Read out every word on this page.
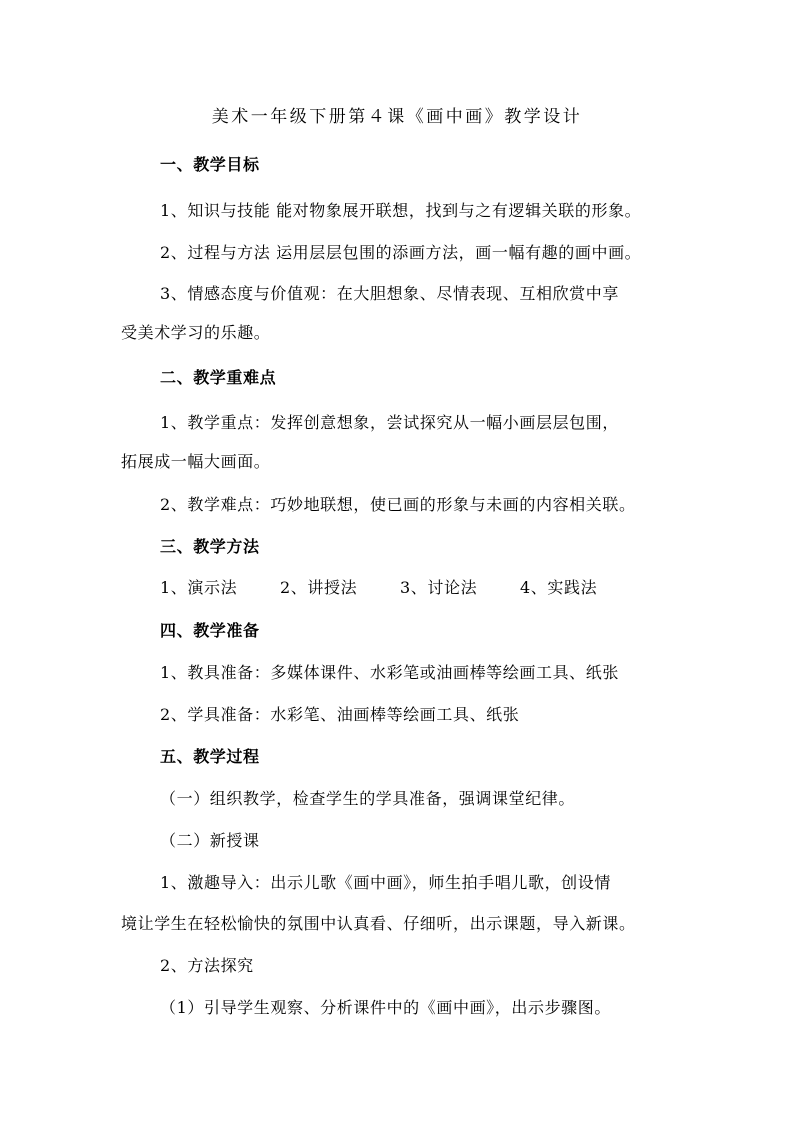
美术一年级下册第４课《画中画》教学设计
一、教学目标
1、知识与技能 能对物象展开联想，找到与之有逻辑关联的形象。
2、过程与方法 运用层层包围的添画方法，画一幅有趣的画中画。
3、情感态度与价值观：在大胆想象、尽情表现、互相欣赏中享
受美术学习的乐趣。
二、教学重难点
1、教学重点：发挥创意想象，尝试探究从一幅小画层层包围，
拓展成一幅大画面。
2、教学难点：巧妙地联想，使已画的形象与未画的内容相关联。
三、教学方法
1、演示法	2、讲授法	3、讨论法	4、实践法
四、教学准备
1、教具准备：多媒体课件、水彩笔或油画棒等绘画工具、纸张
2、学具准备：水彩笔、油画棒等绘画工具、纸张
五、教学过程
（一）组织教学，检查学生的学具准备，强调课堂纪律。
（二）新授课
1、激趣导入：出示儿歌《画中画》，师生拍手唱儿歌，创设情
境让学生在轻松愉快的氛围中认真看、仔细听，出示课题，导入新课。
2、方法探究
（1）引导学生观察、分析课件中的《画中画》，出示步骤图。
